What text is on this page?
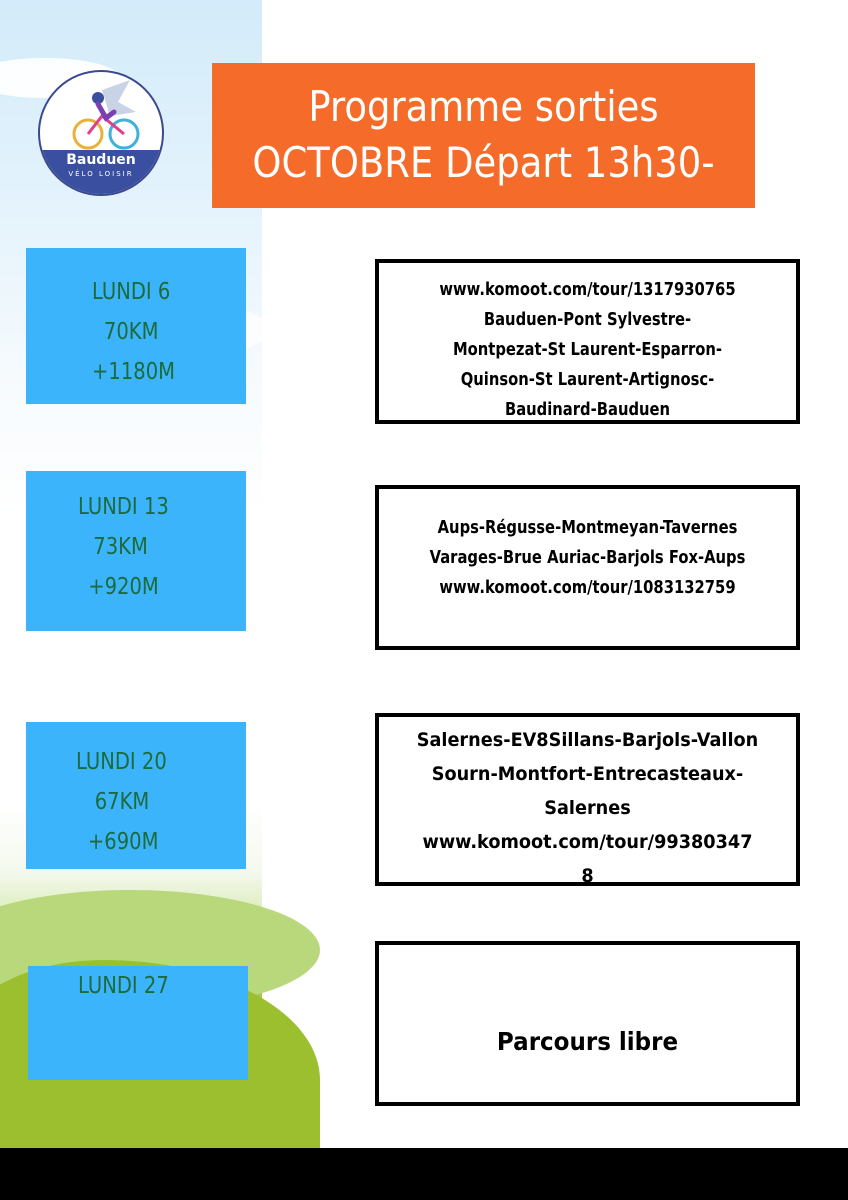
Bauduen
VÉLO LOISIR
Programme sorties
OCTOBRE Départ 13h30-
LUNDI 6
70KM
+1180M
www.komoot.com/tour/1317930765
Bauduen-Pont Sylvestre-
Montpezat-St Laurent-Esparron-
Quinson-St Laurent-Artignosc-
Baudinard-Bauduen
LUNDI 13
73KM
+920M
Aups-Régusse-Montmeyan-Tavernes
Varages-Brue Auriac-Barjols Fox-Aups
www.komoot.com/tour/1083132759
LUNDI 20
67KM
+690M
Salernes-EV8Sillans-Barjols-Vallon
Sourn-Montfort-Entrecasteaux-
Salernes
www.komoot.com/tour/99380347
8
LUNDI 27
Parcours libre
